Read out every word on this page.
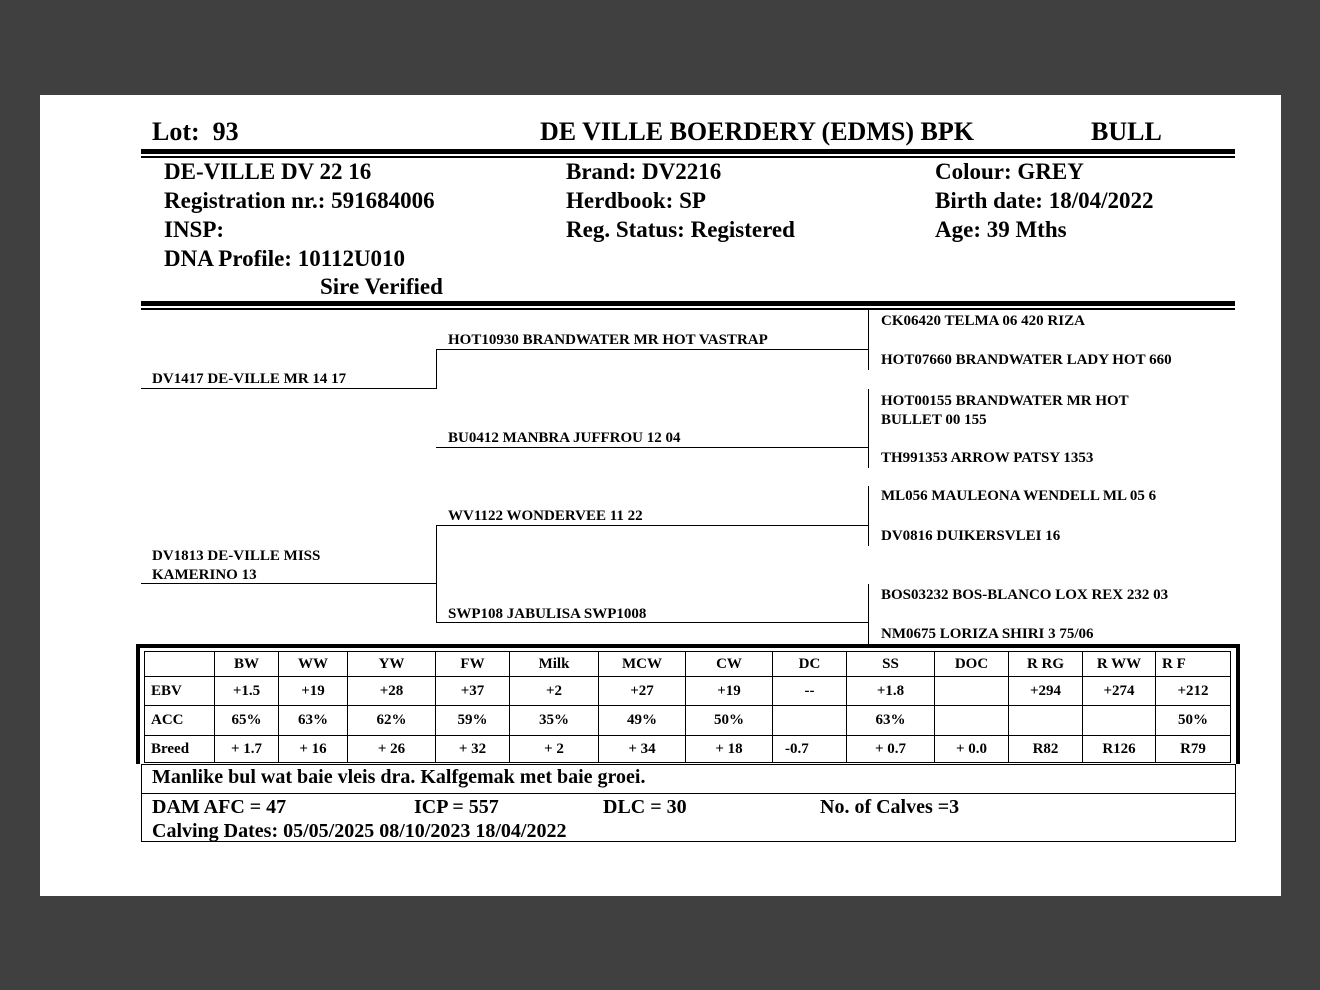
Lot: 93	DE VILLE BOERDERY (EDMS) BPK	BULL
DE-VILLE DV 22 16
Registration nr.: 591684006
INSP:
DNA Profile: 10112U010
Sire Verified
Brand: DV2216
Herdbook: SP
Reg. Status: Registered
Colour: GREY
Birth date: 18/04/2022
Age: 39 Mths
DV1417 DE-VILLE MR 14 17
DV1813 DE-VILLE MISS
KAMERINO 13
HOT10930 BRANDWATER MR HOT VASTRAP
BU0412 MANBRA JUFFROU 12 04
WV1122 WONDERVEE 11 22
SWP108 JABULISA SWP1008
CK06420 TELMA 06 420 RIZA
HOT07660 BRANDWATER LADY HOT 660
HOT00155 BRANDWATER MR HOT
BULLET 00 155
TH991353 ARROW PATSY 1353
ML056 MAULEONA WENDELL ML 05 6
DV0816 DUIKERSVLEI 16
BOS03232 BOS-BLANCO LOX REX 232 03
NM0675 LORIZA SHIRI 3 75/06
	BW	WW	YW	FW	Milk	MCW	CW	DC	SS	DOC	R RG	R WW	R F
EBV	+1.5	+19	+28	+37	+2	+27	+19	--	+1.8		+294	+274	+212
ACC	65%	63%	62%	59%	35%	49%	50%		63%				50%
Breed	+ 1.7	+ 16	+ 26	+ 32	+ 2	+ 34	+ 18	-0.7	+ 0.7	+ 0.0	R82	R126	R79
Manlike bul wat baie vleis dra. Kalfgemak met baie groei.
DAM AFC = 47	ICP = 557	DLC = 30	No. of Calves =3
Calving Dates: 05/05/2025 08/10/2023 18/04/2022
